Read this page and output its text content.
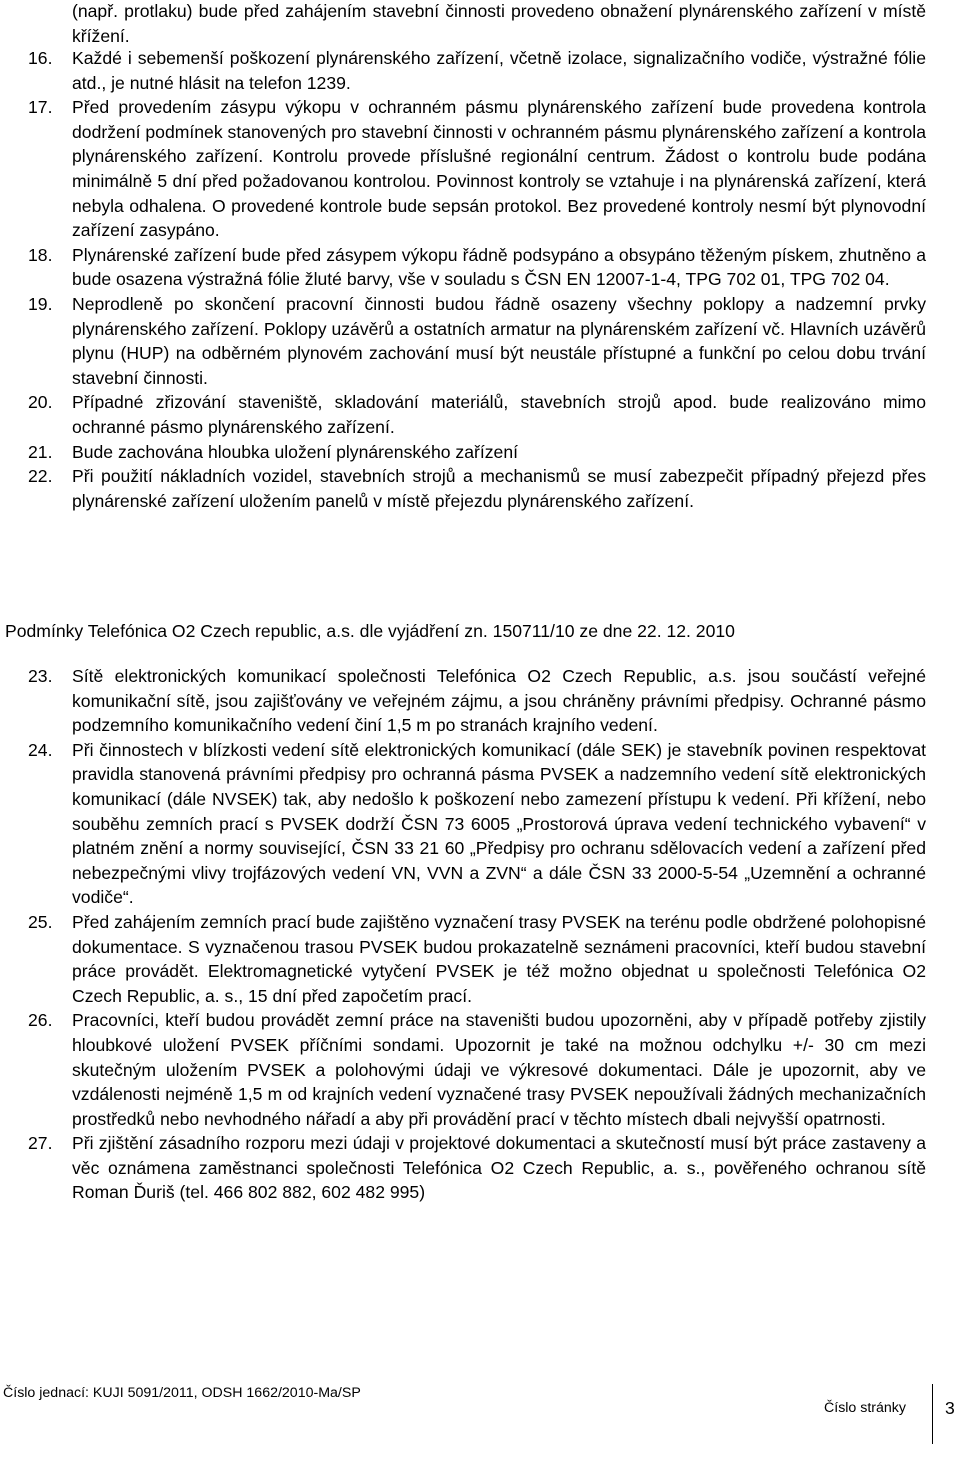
(např. protlaku) bude před zahájením stavební činnosti provedeno obnažení plynárenského zařízení v místě křížení.
16.	Každé i sebemenší poškození plynárenského zařízení, včetně izolace, signalizačního vodiče, výstražné fólie atd., je nutné hlásit na telefon 1239.
17.	Před provedením zásypu výkopu v ochranném pásmu plynárenského zařízení bude provedena kontrola dodržení podmínek stanovených pro stavební činnosti v ochranném pásmu plynárenského zařízení a kontrola plynárenského zařízení. Kontrolu provede příslušné regionální centrum. Žádost o kontrolu bude podána minimálně 5 dní před požadovanou kontrolou. Povinnost kontroly se vztahuje i na plynárenská zařízení, která nebyla odhalena. O provedené kontrole bude sepsán protokol. Bez provedené kontroly nesmí být plynovodní zařízení zasypáno.
18.	Plynárenské zařízení bude před zásypem výkopu řádně podsypáno a obsypáno těženým pískem, zhutněno a bude osazena výstražná fólie žluté barvy, vše v souladu s ČSN EN 12007-1-4, TPG 702 01, TPG 702 04.
19.	Neprodleně po skončení pracovní činnosti budou řádně osazeny všechny poklopy a nadzemní prvky plynárenského zařízení. Poklopy uzávěrů a ostatních armatur na plynárenském zařízení vč. Hlavních uzávěrů plynu (HUP) na odběrném plynovém zachování musí být neustále přístupné a funkční po celou dobu trvání stavební činnosti.
20.	Případné zřizování staveniště, skladování materiálů, stavebních strojů apod. bude realizováno mimo ochranné pásmo plynárenského zařízení.
21.	Bude zachována hloubka uložení plynárenského zařízení
22.	Při použití nákladních vozidel, stavebních strojů a mechanismů se musí zabezpečit případný přejezd přes plynárenské zařízení uložením panelů v místě přejezdu plynárenského zařízení.
Podmínky Telefónica O2 Czech republic, a.s. dle vyjádření zn. 150711/10 ze dne 22. 12. 2010
23.	Sítě elektronických komunikací společnosti Telefónica O2 Czech Republic, a.s. jsou součástí veřejné komunikační sítě, jsou zajišťovány ve veřejném zájmu, a jsou chráněny právními předpisy. Ochranné pásmo podzemního komunikačního vedení činí 1,5 m po stranách krajního vedení.
24.	Při činnostech v blízkosti vedení sítě elektronických komunikací (dále SEK) je stavebník povinen respektovat pravidla stanovená právními předpisy pro ochranná pásma PVSEK a nadzemního vedení sítě elektronických komunikací (dále NVSEK) tak, aby nedošlo k poškození nebo zamezení přístupu k vedení. Při křížení, nebo souběhu zemních prací s PVSEK dodrží ČSN 73 6005 „Prostorová úprava vedení technického vybavení“ v platném znění a normy související, ČSN 33 21 60 „Předpisy pro ochranu sdělovacích vedení a zařízení před nebezpečnými vlivy trojfázových vedení VN, VVN a ZVN“ a dále ČSN 33 2000-5-54 „Uzemnění a ochranné vodiče“.
25.	Před zahájením zemních prací bude zajištěno vyznačení trasy PVSEK na terénu podle obdržené polohopisné dokumentace. S vyznačenou trasou PVSEK budou prokazatelně seznámeni pracovníci, kteří budou stavební práce provádět. Elektromagnetické vytyčení PVSEK je též možno objednat u společnosti Telefónica O2 Czech Republic, a. s., 15 dní před započetím prací.
26.	Pracovníci, kteří budou provádět zemní práce na staveništi budou upozorněni, aby v případě potřeby zjistily hloubkové uložení PVSEK příčními sondami. Upozornit je také na možnou odchylku +/- 30 cm mezi skutečným uložením PVSEK a polohovými údaji ve výkresové dokumentaci. Dále je upozornit, aby ve vzdálenosti nejméně 1,5 m od krajních vedení vyznačené trasy PVSEK nepoužívali žádných mechanizačních prostředků nebo nevhodného nářadí a aby při provádění prací v těchto místech dbali nejvyšší opatrnosti.
27.	Při zjištění zásadního rozporu mezi údaji v projektové dokumentaci a skutečností musí být práce zastaveny a věc oznámena zaměstnanci společnosti Telefónica O2 Czech Republic, a. s., pověřeného ochranou sítě Roman Ďuriš (tel. 466 802 882, 602 482 995)
Číslo jednací: KUJI 5091/2011, ODSH 1662/2010-Ma/SP
Číslo stránky 3
